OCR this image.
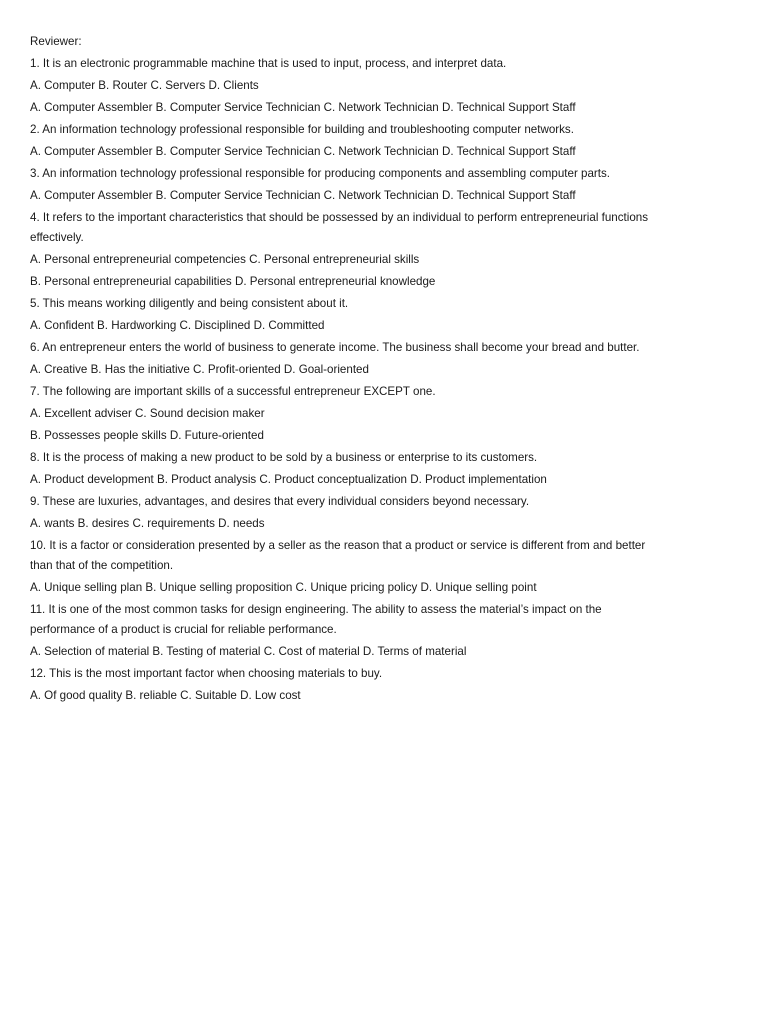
Reviewer:
1. It is an electronic programmable machine that is used to input, process, and interpret data.
A. Computer B. Router C. Servers D. Clients
A. Computer Assembler B. Computer Service Technician C. Network Technician D. Technical Support Staff
2. An information technology professional responsible for building and troubleshooting computer networks.
A. Computer Assembler B. Computer Service Technician C. Network Technician D. Technical Support Staff
3. An information technology professional responsible for producing components and assembling computer parts.
A. Computer Assembler B. Computer Service Technician C. Network Technician D. Technical Support Staff
4. It refers to the important characteristics that should be possessed by an individual to perform entrepreneurial functions
effectively.
A. Personal entrepreneurial competencies C. Personal entrepreneurial skills
B. Personal entrepreneurial capabilities D. Personal entrepreneurial knowledge
5. This means working diligently and being consistent about it.
A. Confident B. Hardworking C. Disciplined D. Committed
6. An entrepreneur enters the world of business to generate income. The business shall become your bread and butter.
A. Creative B. Has the initiative C. Profit-oriented D. Goal-oriented
7. The following are important skills of a successful entrepreneur EXCEPT one.
A. Excellent adviser C. Sound decision maker
B. Possesses people skills D. Future-oriented
8. It is the process of making a new product to be sold by a business or enterprise to its customers.
A. Product development B. Product analysis C. Product conceptualization D. Product implementation
9. These are luxuries, advantages, and desires that every individual considers beyond necessary.
A. wants B. desires C. requirements D. needs
10. It is a factor or consideration presented by a seller as the reason that a product or service is different from and better
than that of the competition.
A. Unique selling plan B. Unique selling proposition C. Unique pricing policy D. Unique selling point
11. It is one of the most common tasks for design engineering. The ability to assess the material’s impact on the
performance of a product is crucial for reliable performance.
A. Selection of material B. Testing of material C. Cost of material D. Terms of material
12. This is the most important factor when choosing materials to buy.
A. Of good quality B. reliable C. Suitable D. Low cost
